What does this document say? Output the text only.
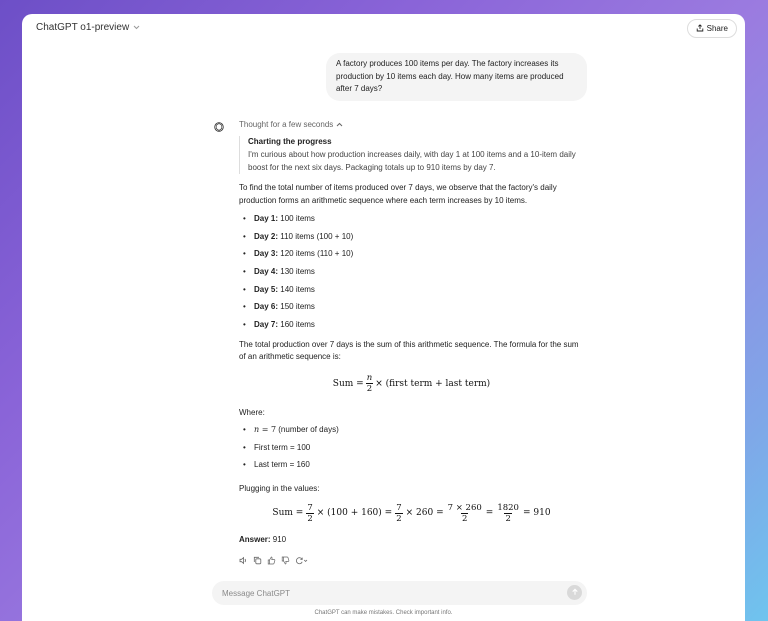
ChatGPT o1-preview	Share
A factory produces 100 items per day. The factory increases its production by 10 items each day. How many items are produced after 7 days?
Thought for a few seconds
Charting the progress
I'm curious about how production increases daily, with day 1 at 100 items and a 10-item daily boost for the next six days. Packaging totals up to 910 items by day 7.
To find the total number of items produced over 7 days, we observe that the factory's daily production forms an arithmetic sequence where each term increases by 10 items.
• Day 1: 100 items
• Day 2: 110 items (100 + 10)
• Day 3: 120 items (110 + 10)
• Day 4: 130 items
• Day 5: 140 items
• Day 6: 150 items
• Day 7: 160 items
The total production over 7 days is the sum of this arithmetic sequence. The formula for the sum of an arithmetic sequence is:
Sum = $\frac{n}{2}$ × (first term + last term)
Where:
• n = 7 (number of days)
• First term = 100
• Last term = 160
Plugging in the values:
Sum = $\frac{7}{2} \times (100 + 160) = \frac{7}{2} \times 260 = \frac{7 \times 260}{2} = \frac{1820}{2} = 910$
Answer: 910
Message ChatGPT
ChatGPT can make mistakes. Check important info.
